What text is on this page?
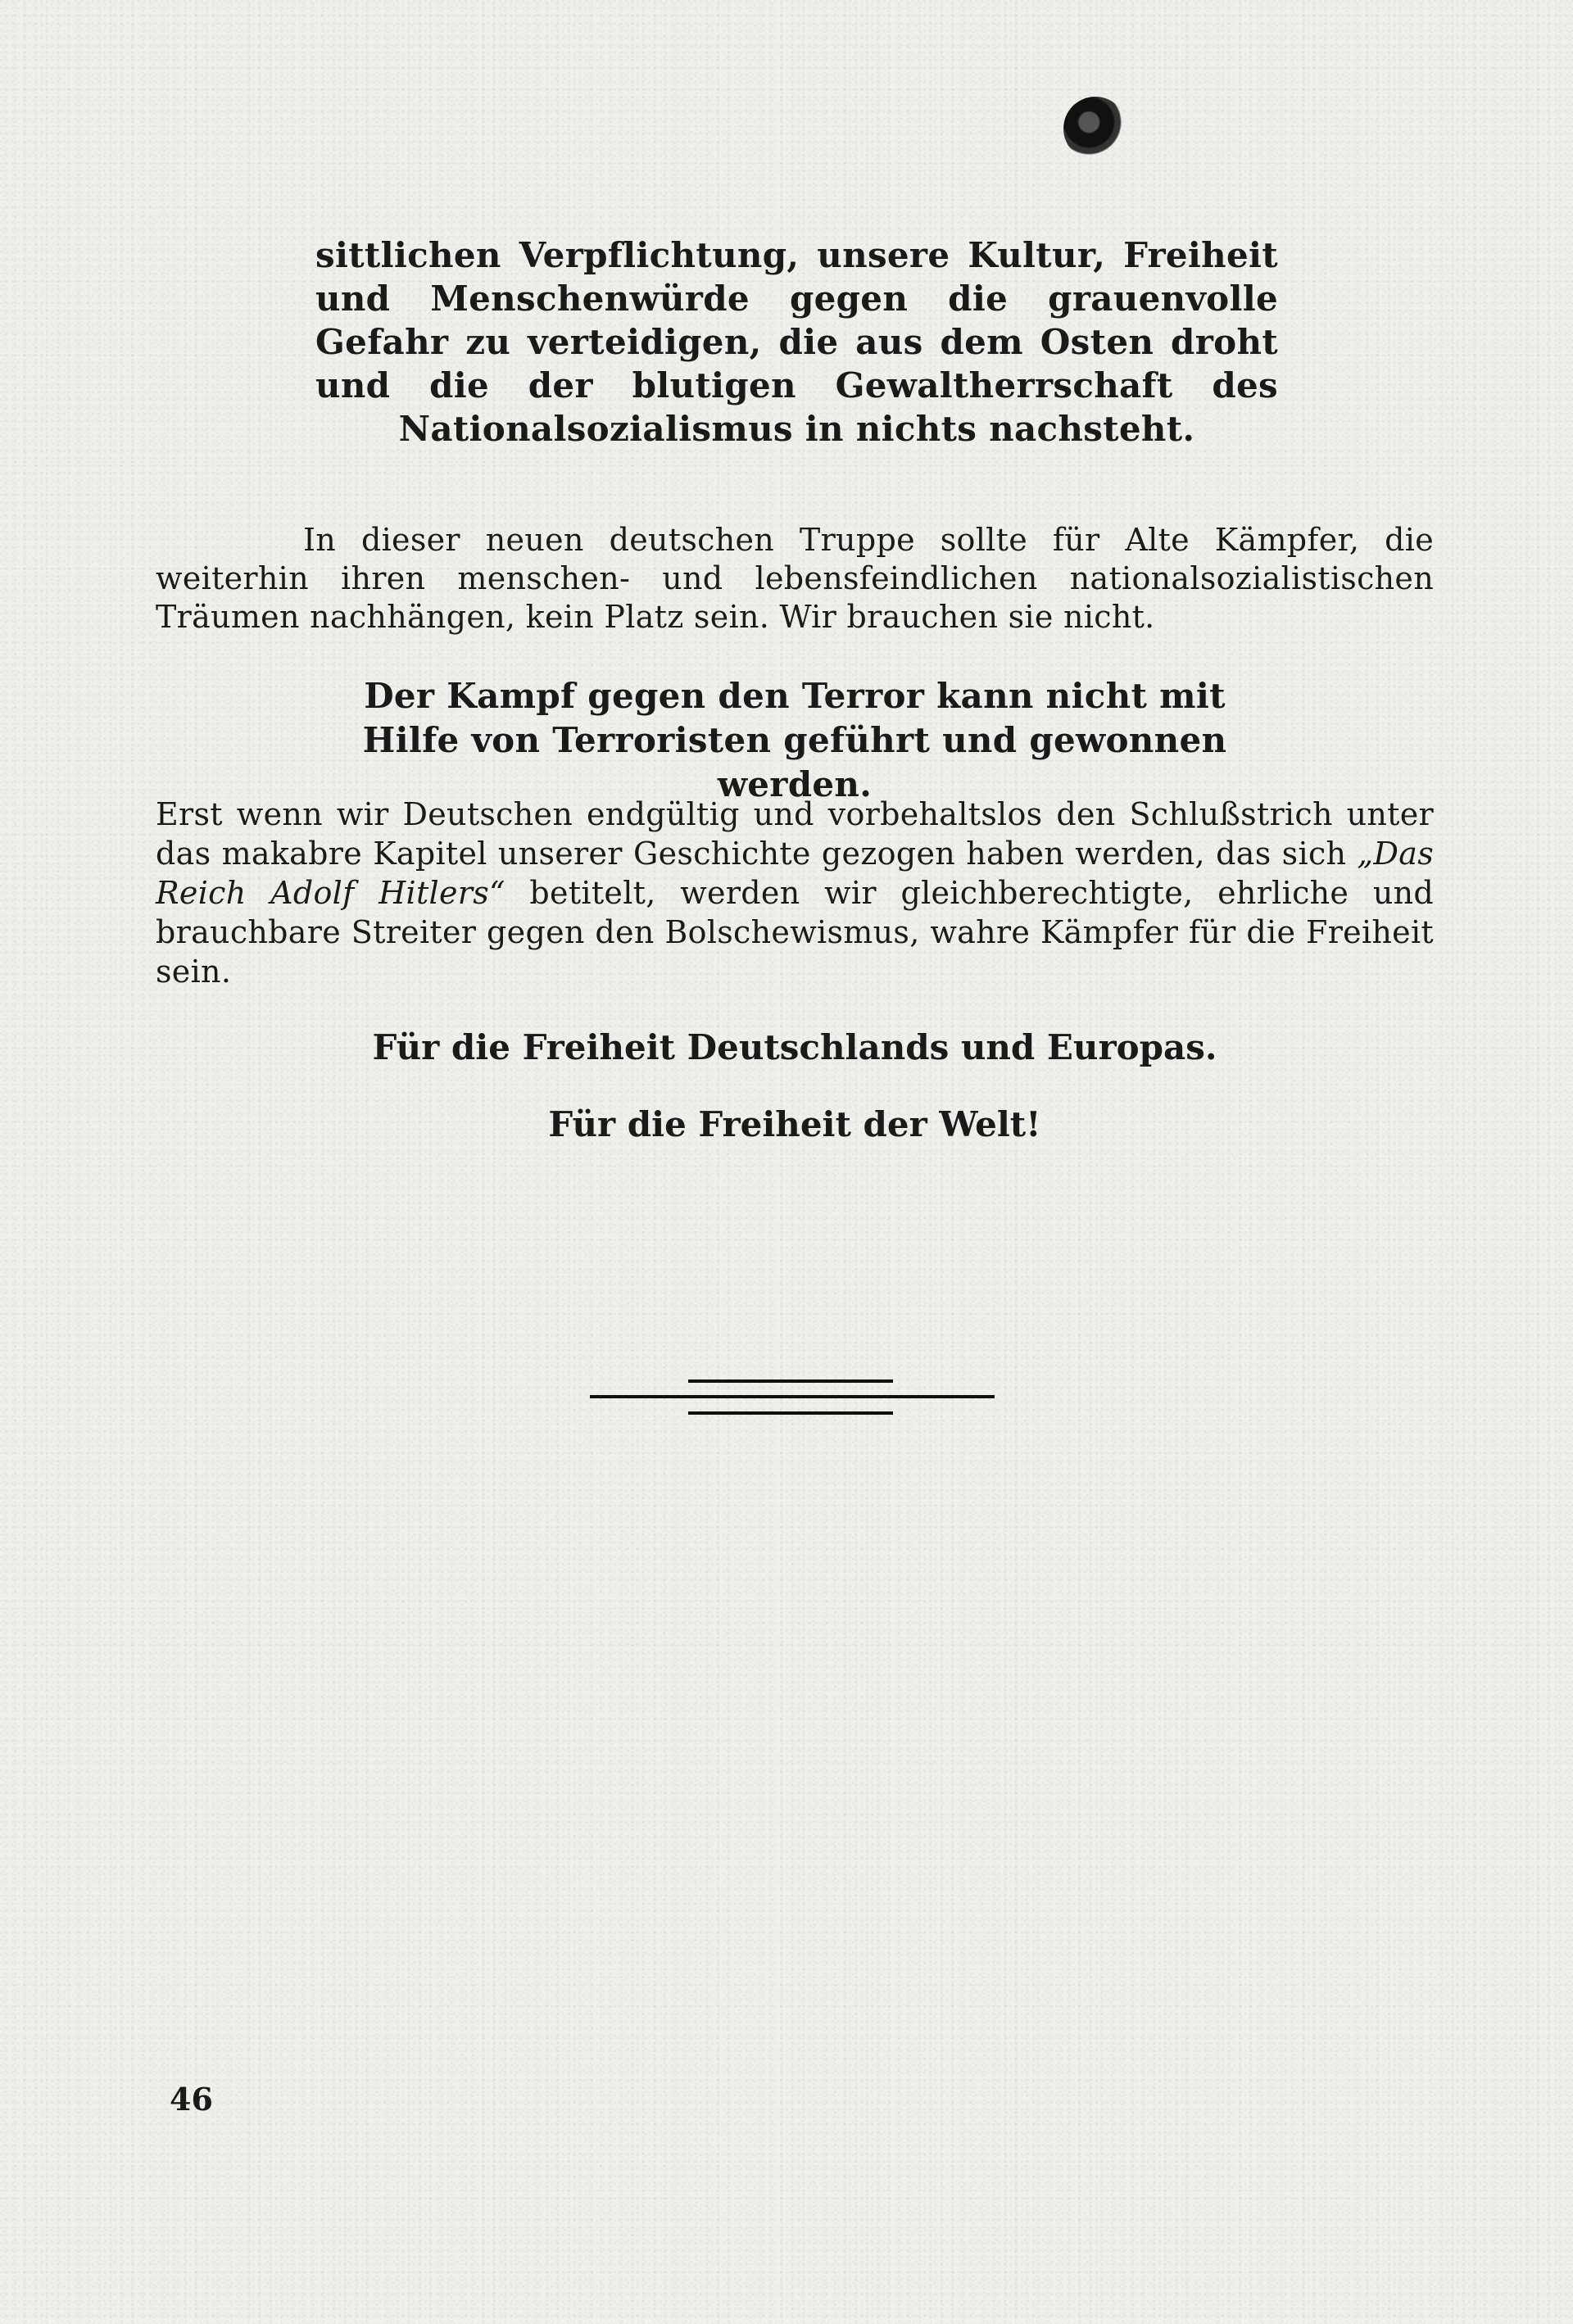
sittlichen Verpflichtung, unsere Kultur, Freiheit und Menschenwürde gegen die grauenvolle Gefahr zu verteidigen, die aus dem Osten droht und die der blutigen Gewaltherrschaft des Nationalsozialismus in nichts nachsteht.
In dieser neuen deutschen Truppe sollte für Alte Kämpfer, die weiterhin ihren menschen- und lebensfeindlichen nationalsozialistischen Träumen nachhängen, kein Platz sein. Wir brauchen sie nicht.
Der Kampf gegen den Terror kann nicht mit Hilfe von Terroristen geführt und gewonnen werden.
Erst wenn wir Deutschen endgültig und vorbehaltslos den Schlußstrich unter das makabre Kapitel unserer Geschichte gezogen haben werden, das sich „Das Reich Adolf Hitlers“ betitelt, werden wir gleichberechtigte, ehrliche und brauchbare Streiter gegen den Bolschewismus, wahre Kämpfer für die Freiheit sein.
Für die Freiheit Deutschlands und Europas.
Für die Freiheit der Welt!
46
